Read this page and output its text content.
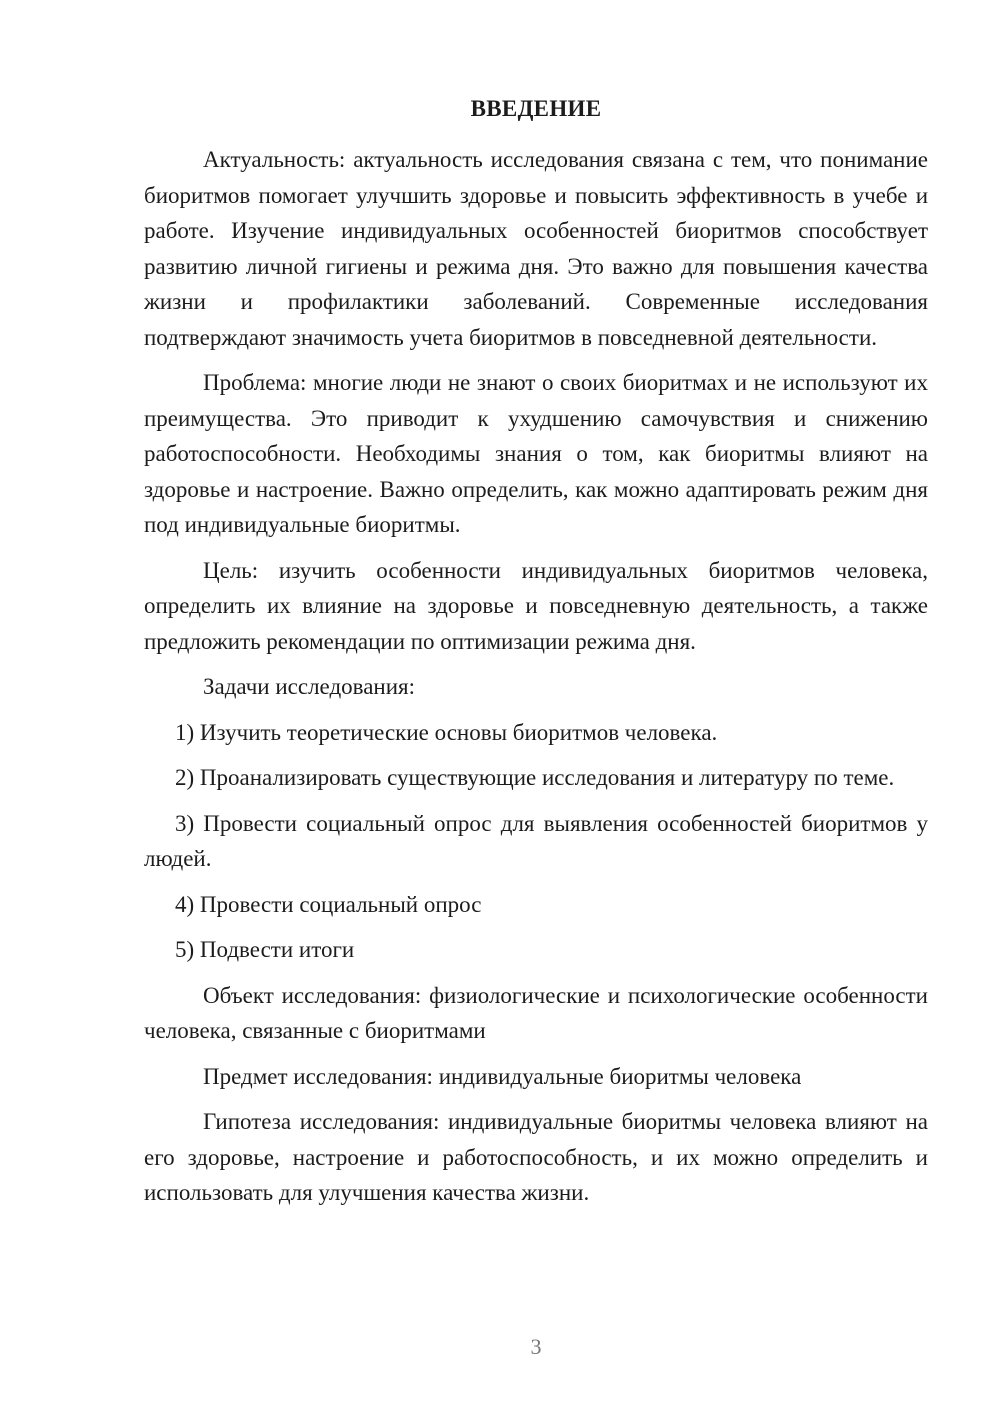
ВВЕДЕНИЕ

Актуальность: актуальность исследования связана с тем, что понимание биоритмов помогает улучшить здоровье и повысить эффективность в учебе и работе. Изучение индивидуальных особенностей биоритмов способствует развитию личной гигиены и режима дня. Это важно для повышения качества жизни и профилактики заболеваний. Современные исследования подтверждают значимость учета биоритмов в повседневной деятельности.

Проблема: многие люди не знают о своих биоритмах и не используют их преимущества. Это приводит к ухудшению самочувствия и снижению работоспособности. Необходимы знания о том, как биоритмы влияют на здоровье и настроение. Важно определить, как можно адаптировать режим дня под индивидуальные биоритмы.

Цель: изучить особенности индивидуальных биоритмов человека, определить их влияние на здоровье и повседневную деятельность, а также предложить рекомендации по оптимизации режима дня.

Задачи исследования:

1) Изучить теоретические основы биоритмов человека.

2) Проанализировать существующие исследования и литературу по теме.

3) Провести социальный опрос для выявления особенностей биоритмов у людей.

4) Провести социальный опрос

5) Подвести итоги

Объект исследования: физиологические и психологические особенности человека, связанные с биоритмами

Предмет исследования: индивидуальные биоритмы человека

Гипотеза исследования: индивидуальные биоритмы человека влияют на его здоровье, настроение и работоспособность, и их можно определить и использовать для улучшения качества жизни.

3
